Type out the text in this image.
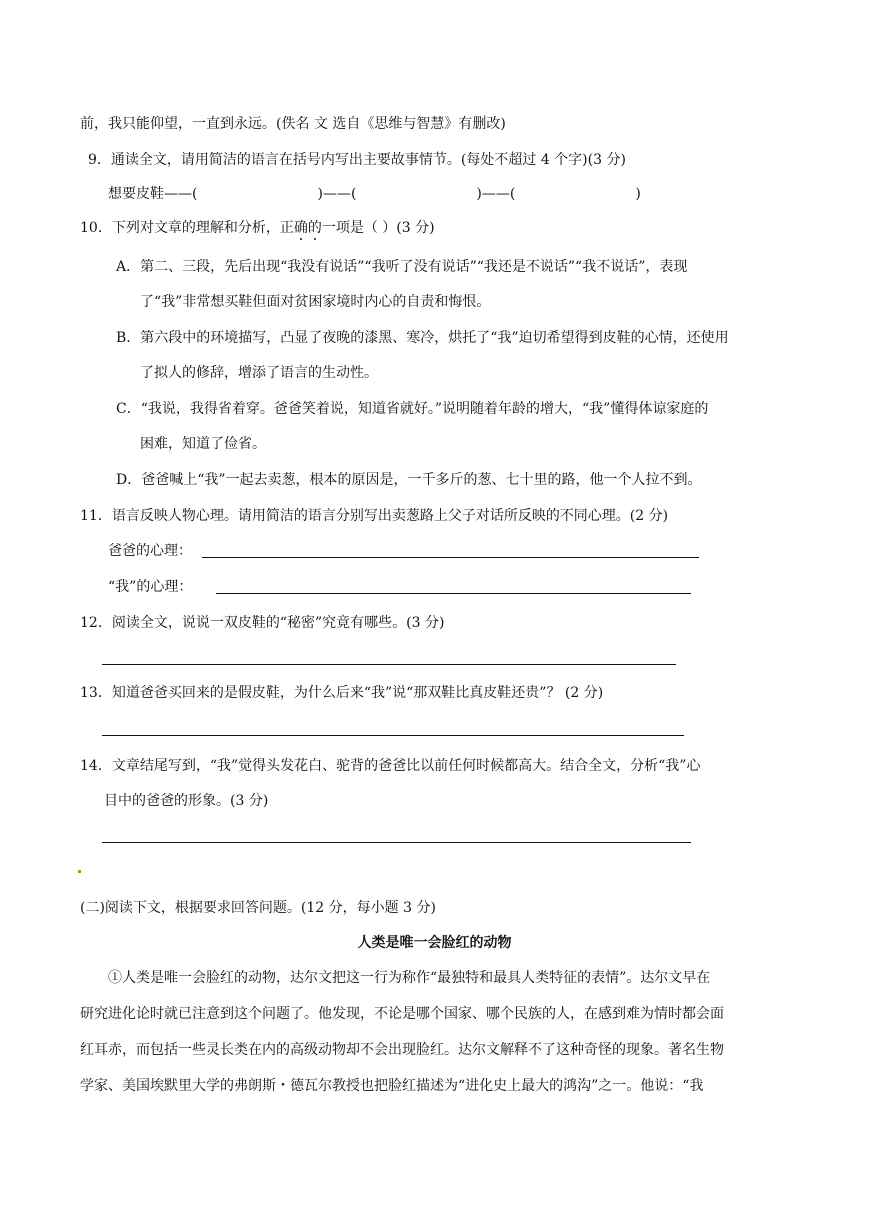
前，我只能仰望，一直到永远。(佚名 文 选自《思维与智慧》有删改)
9．通读全文，请用简洁的语言在括号内写出主要故事情节。(每处不超过 4 个字)(3 分)
想要皮鞋——(	)——(	)——(	)
10．下列对文章的理解和分析，正确的一项是（ ）(3 分)
A．第二、三段，先后出现“我没有说话”“我听了没有说话”“我还是不说话”“我不说话”，表现
了“我”非常想买鞋但面对贫困家境时内心的自责和悔恨。
B．第六段中的环境描写，凸显了夜晚的漆黑、寒冷，烘托了“我”迫切希望得到皮鞋的心情，还使用
了拟人的修辞，增添了语言的生动性。
C．“我说，我得省着穿。爸爸笑着说，知道省就好。”说明随着年龄的增大，“我”懂得体谅家庭的
困难，知道了俭省。
D．爸爸喊上“我”一起去卖葱，根本的原因是，一千多斤的葱、七十里的路，他一个人拉不到。
11．语言反映人物心理。请用简洁的语言分别写出卖葱路上父子对话所反映的不同心理。(2 分)
爸爸的心理：
“我”的心理：
12．阅读全文，说说一双皮鞋的“秘密”究竟有哪些。(3 分)
13．知道爸爸买回来的是假皮鞋，为什么后来“我”说“那双鞋比真皮鞋还贵”？ (2 分)
14．文章结尾写到，“我”觉得头发花白、驼背的爸爸比以前任何时候都高大。结合全文，分析“我”心
目中的爸爸的形象。(3 分)
(二)阅读下文，根据要求回答问题。(12 分，每小题 3 分)
人类是唯一会脸红的动物
①人类是唯一会脸红的动物，达尔文把这一行为称作“最独特和最具人类特征的表情”。达尔文早在
研究进化论时就已注意到这个问题了。他发现，不论是哪个国家、哪个民族的人，在感到难为情时都会面
红耳赤，而包括一些灵长类在内的高级动物却不会出现脸红。达尔文解释不了这种奇怪的现象。著名生物
学家、美国埃默里大学的弗朗斯・德瓦尔教授也把脸红描述为“进化史上最大的鸿沟”之一。他说：“我
